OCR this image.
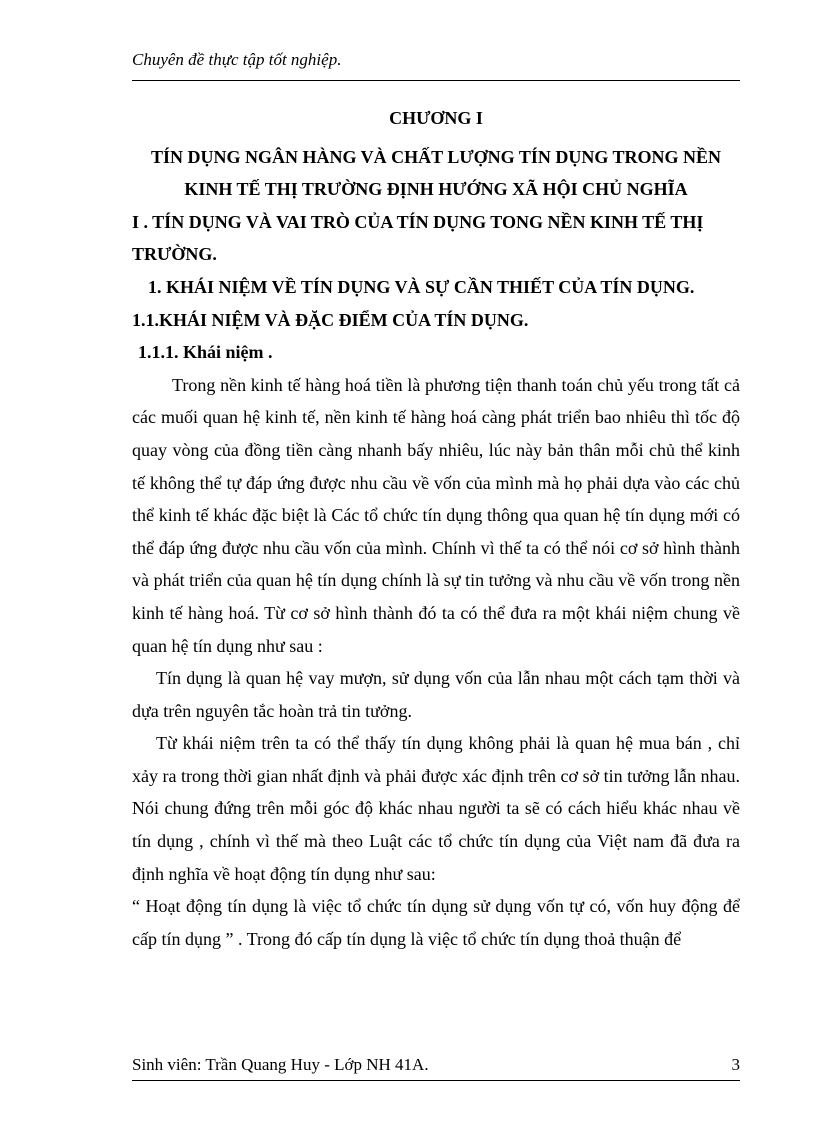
Chuyên đề thực tập tốt nghiệp.
CHƯƠNG I
TÍN DỤNG NGÂN HÀNG VÀ CHẤT LƯỢNG TÍN DỤNG TRONG NỀN
KINH TẾ THỊ TRƯỜNG ĐỊNH HƯỚNG XÃ HỘI CHỦ NGHĨA
I . TÍN DỤNG VÀ VAI TRÒ CỦA TÍN DỤNG TONG NỀN KINH TẾ THỊ TRƯỜNG.
1. KHÁI NIỆM VỀ TÍN DỤNG VÀ SỰ CẦN THIẾT CỦA TÍN DỤNG.
1.1.KHÁI NIỆM VÀ ĐẶC ĐIỂM CỦA TÍN DỤNG.
1.1.1. Khái niệm .

Trong nền kinh tế hàng hoá tiền là phương tiện thanh toán chủ yếu trong tất cả các muối quan hệ kinh tế, nền kinh tế hàng hoá càng phát triển bao nhiêu thì tốc độ quay vòng của đồng tiền càng nhanh bấy nhiêu, lúc này bản thân mỗi chủ thể kinh tế không thể tự đáp ứng được nhu cầu về vốn của mình mà họ phải dựa vào các chủ thể kinh tế khác đặc biệt là Các tổ chức tín dụng thông qua quan hệ tín dụng mới có thể đáp ứng được nhu cầu vốn của mình. Chính vì thế ta có thể nói cơ sở hình thành và phát triển của quan hệ tín dụng chính là sự tin tưởng và nhu cầu về vốn trong nền kinh tế hàng hoá. Từ cơ sở hình thành đó ta có thể đưa ra một khái niệm chung về quan hệ tín dụng như sau :

Tín dụng là quan hệ vay mượn, sử dụng vốn của lẫn nhau một cách tạm thời và dựa trên nguyên tắc hoàn trả tin tưởng.

Từ khái niệm trên ta có thể thấy tín dụng không phải là quan hệ mua bán , chỉ xảy ra trong thời gian nhất định và phải được xác định trên cơ sở tin tưởng lẫn nhau. Nói chung đứng trên mỗi góc độ khác nhau người ta sẽ có cách hiểu khác nhau về tín dụng , chính vì thế mà theo Luật các tổ chức tín dụng của Việt nam đã đưa ra định nghĩa về hoạt động tín dụng như sau:

“ Hoạt động tín dụng là việc tổ chức tín dụng sử dụng vốn tự có, vốn huy động để cấp tín dụng ” . Trong đó cấp tín dụng là việc tổ chức tín dụng thoả thuận để

Sinh viên: Trần Quang Huy - Lớp NH 41A.	3
